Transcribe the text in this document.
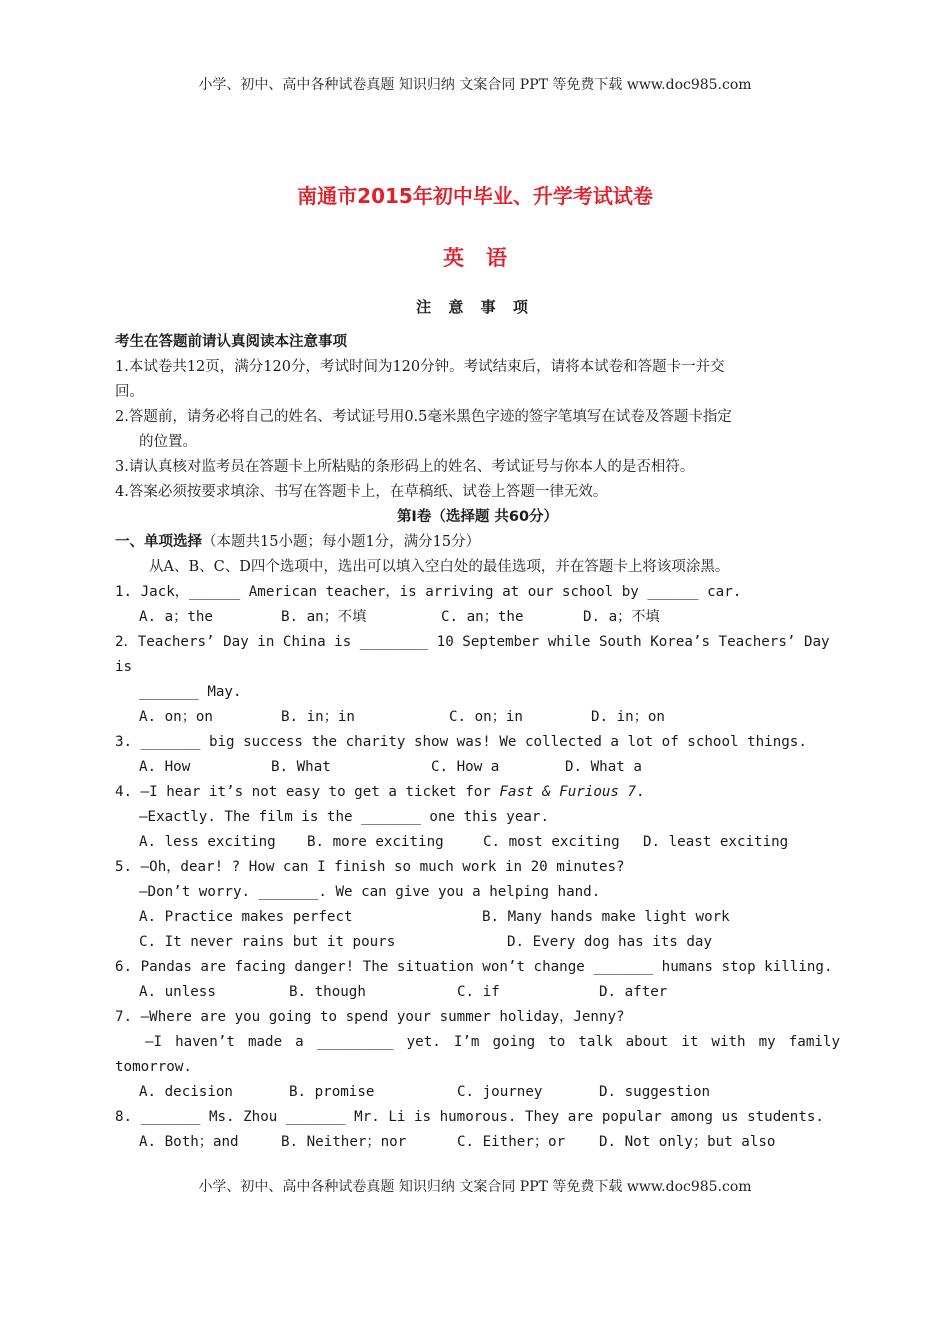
小学、初中、高中各种试卷真题 知识归纳 文案合同 PPT 等免费下载 www.doc985.com
南通市2015年初中毕业、升学考试试卷
英语
注 意 事 项
考生在答题前请认真阅读本注意事项
1.本试卷共12页，满分120分，考试时间为120分钟。考试结束后，请将本试卷和答题卡一并交
回。
2.答题前，请务必将自己的姓名、考试证号用0.5毫米黑色字迹的签字笔填写在试卷及答题卡指定
的位置。
3.请认真核对监考员在答题卡上所粘贴的条形码上的姓名、考试证号与你本人的是否相符。
4.答案必须按要求填涂、书写在答题卡上，在草稿纸、试卷上答题一律无效。
第Ⅰ卷（选择题 共60分）
一、单项选择（本题共15小题；每小题1分，满分15分）
从A、B、C、D四个选项中，选出可以填入空白处的最佳选项，并在答题卡上将该项涂黑。
1. Jack，______ American teacher，is arriving at our school by ______ car.
A. a；the	B. an；不填	C. an；the	D. a；不填
2．Teachers’ Day in China is ________ 10 September while South Korea’s Teachers’ Day
is
_______ May.
A. on；on	B. in；in	C. on；in	D. in；on
3. _______ big success the charity show was! We collected a lot of school things.
A. How	B. What	C. How a	D. What a
4. —I hear it’s not easy to get a ticket for Fast & Furious 7.
—Exactly. The film is the _______ one this year.
A. less exciting	B. more exciting	C. most exciting	D. least exciting
5. —Oh，dear! ? How can I finish so much work in 20 minutes?
—Don’t worry. _______. We can give you a helping hand.
A. Practice makes perfect	B. Many hands make light work
C. It never rains but it pours	D. Every dog has its day
6. Pandas are facing danger! The situation won’t change _______ humans stop killing.
A. unless	B. though	C. if	D. after
7. —Where are you going to spend your summer holiday，Jenny?
—I haven’t made a _________ yet. I’m going to talk about it with my family
tomorrow.
A. decision	B. promise	C. journey	D. suggestion
8. _______ Ms. Zhou _______ Mr. Li is humorous. They are popular among us students.
A. Both；and	B. Neither；nor	C. Either；or	D. Not only；but also
小学、初中、高中各种试卷真题 知识归纳 文案合同 PPT 等免费下载 www.doc985.com
